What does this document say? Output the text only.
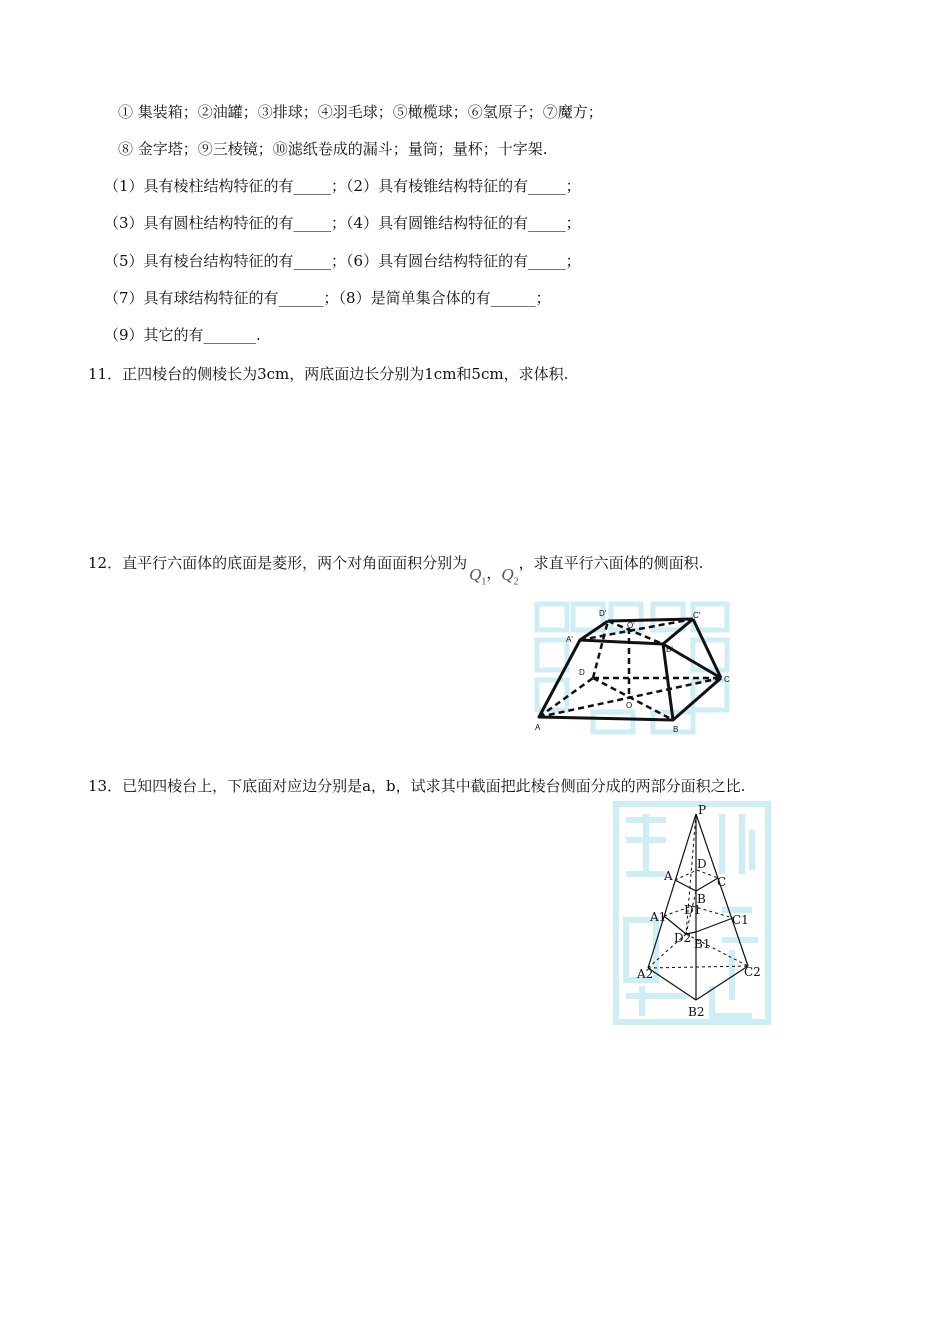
① 集装箱；②油罐；③排球；④羽毛球；⑤橄榄球；⑥氢原子；⑦魔方；
⑧ 金字塔；⑨三棱镜；⑩滤纸卷成的漏斗；量筒；量杯；十字架.
（1）具有棱柱结构特征的有_____；（2）具有棱锥结构特征的有_____；
（3）具有圆柱结构特征的有_____；（4）具有圆锥结构特征的有_____；
（5）具有棱台结构特征的有_____；（6）具有圆台结构特征的有_____；
（7）具有球结构特征的有______；（8）是简单集合体的有______；
（9）其它的有_______.
11．正四棱台的侧棱长为3cm，两底面边长分别为1cm和5cm，求体积.
12．直平行六面体的底面是菱形，两个对角面面积分别为$Q_1$，$Q_2$，求直平行六面体的侧面积.
A	B
C
D
A'
B'
C'
D'
O
O'
13．已知四棱台上，下底面对应边分别是a，b，试求其中截面把此棱台侧面分成的两部分面积之比.
P
A
B
C
D
A1
B1
C1
D1
A2
B2
C2
D2
